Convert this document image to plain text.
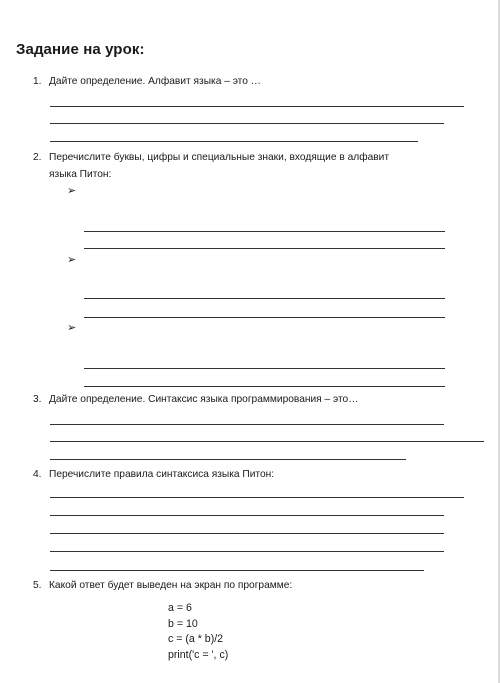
Задание на урок:
1. Дайте определение. Алфавит языка – это …
2. Перечислите буквы, цифры и специальные знаки, входящие в алфавит
языка Питон:
➢
➢
➢
3. Дайте определение. Синтаксис языка программирования – это…
4. Перечислите правила синтаксиса языка Питон:
5. Какой ответ будет выведен на экран по программе:
a = 6
b = 10
c = (a * b)/2
print('c = ', c)
